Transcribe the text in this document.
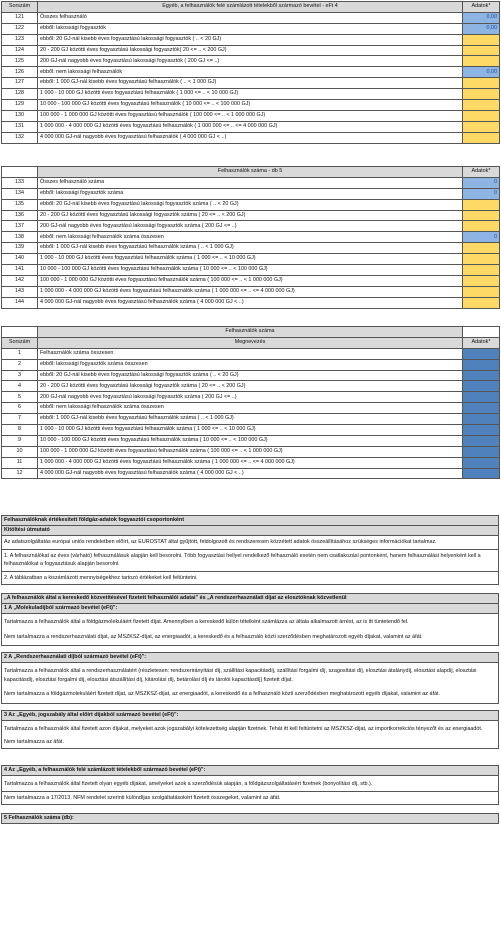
Sorszám	Egyéb, a felhasználók felé számlázott tételekből származó bevétel - eFt 4	Adatok*
121	Összes felhasználó	0,00
122	ebből: lakossági fogyasztók	0,00
123	ebből: 20 GJ-nál kisebb éves fogyasztású lakossági fogyasztók ( .. < 20 GJ)	
124	20 - 200 GJ közötti éves fogyasztású lakossági fogyasztók( 20 <= .. < 200 GJ)	
125	200 GJ-nál nagyobb éves fogyasztású lakossági fogyasztók ( 200 GJ <= ..)	
126	ebből: nem lakossági felhasználók	0,00
127	ebből: 1 000 GJ-nál kisebb éves fogyasztású felhasználók ( .. < 1 000 GJ)	
128	1 000 - 10 000 GJ közötti éves fogyasztású felhasználók ( 1 000 <= .. < 10 000 GJ)	
129	10 000 - 100 000 GJ közötti éves fogyasztású felhasználók ( 10 000 <= .. < 100 000 GJ)	
130	100 000 - 1 000 000 GJ közötti éves fogyasztású felhasználók ( 100 000 <= .. < 1 000 000 GJ)	
131	1 000 000 - 4 000 000 GJ közötti éves fogyasztású felhasználók ( 1 000 000 <= .. <= 4 000 000 GJ)	
132	4 000 000 GJ-nál nagyobb éves fogyasztású felhasználók ( 4 000 000 GJ < ..)	
	Felhasználók száma - db 5	Adatok*
133	Összes felhasználó száma	0
134	ebből: lakossági fogyasztók száma	0
135	ebből: 20 GJ-nál kisebb éves fogyasztású lakossági fogyasztók száma ( .. < 20 GJ)	
136	20 - 200 GJ közötti éves fogyasztású lakossági fogyasztók száma ( 20 <= .. < 200 GJ)	
137	200 GJ-nál nagyobb éves fogyasztású lakossági fogyasztók száma ( 200 GJ <= ..)	
138	ebből: nem lakossági felhasználók száma összesen	0
139	ebből: 1 000 GJ-nál kisebb éves fogyasztású felhasználók száma ( .. < 1 000 GJ)	
140	1 000 - 10 000 GJ közötti éves fogyasztású felhasználók száma ( 1 000 <= .. < 10 000 GJ)	
141	10 000 - 100 000 GJ közötti éves fogyasztású felhasználók száma ( 10 000 <= .. < 100 000 GJ)	
142	100 000 - 1 000 000 GJ közötti éves fogyasztású felhasználók száma ( 100 000 <= .. < 1 000 000 GJ)	
143	1 000 000 - 4 000 000 GJ közötti éves fogyasztású felhasználók száma ( 1 000 000 <= .. <= 4 000 000 GJ)	
144	4 000 000 GJ-nál nagyobb éves fogyasztású felhasználók száma ( 4 000 000 GJ < ..)	
	Felhasználók száma	
Sorszám	Megnevezés	Adatok*
1	Felhasználók száma összesen	
2	ebből: lakossági fogyasztók száma összesen	
3	ebből: 20 GJ-nál kisebb éves fogyasztású lakossági fogyasztók száma ( .. < 20 GJ)	
4	20 - 200 GJ közötti éves fogyasztású lakossági fogyasztók száma ( 20 <= .. < 200 GJ)	
5	200 GJ-nál nagyobb éves fogyasztású lakossági fogyasztók száma ( 200 GJ <= ..)	
6	ebből: nem lakossági felhasználók száma összesen	
7	ebből: 1 000 GJ-nál kisebb éves fogyasztású felhasználók száma ( .. < 1 000 GJ)	
8	1 000 - 10 000 GJ közötti éves fogyasztású felhasználók száma ( 1 000 <= .. < 10 000 GJ)	
9	10 000 - 100 000 GJ közötti éves fogyasztású felhasználók száma ( 10 000 <= .. < 100 000 GJ)	
10	100 000 - 1 000 000 GJ közötti éves fogyasztású felhasználók száma ( 100 000 <= .. < 1 000 000 GJ)	
11	1 000 000 - 4 000 000 GJ közötti éves fogyasztású felhasználók száma ( 1 000 000 <= .. <= 4 000 000 GJ)	
12	4 000 000 GJ-nál nagyobb éves fogyasztású felhasználók száma ( 4 000 000 GJ < ..)	
Felhasználóknak értékesített földgáz-adatok fogyasztói csoportonként
Kitöltési útmutató
Az adatszolgáltatás európai uniós rendeletben előírt, az EUROSTAT által gyűjtött, feldolgozott és rendszeresen közzétett adatok összeállításához szükséges információkat tartalmaz.
1. A felhasználókat az éves (várható) felhasználásuk alapján kell besorolni. Több fogyasztási hellyel rendelkező felhasználó esetén nem csatlakozási pontonként, hanem felhasználási helyenként kell a felhasználókat a fogyasztásuk alapján besorolni.
2. A táblázatban a kiszámlázott mennyiségekhez tartozó értékeket kell feltüntetni.
„A felhasználók által a kereskedő közvetítésével fizetett felhasználói adatai" és „A rendszerhasználati díjat az elosztóknak közvetlenül
1 A „Molekuladíjból származó bevétel (eFt)":
Tartalmazza a felhasználók által a földgázmolekuláért fizetett díjat. Amennyiben a kereskedő külön tételként számlázza az általa alkalmazott árrést, az is itt tüntetendő fel.
Nem tartalmazza a rendszerhasználati díjat, az MSZKSZ-díjat, az energiaadót, a kereskedő és a felhasználó közti szerződésben meghatározott egyéb díjakat, valamint az áfát.
2 A „Rendszerhasználati díjból származó bevétel (eFt)":
Tartalmazza a felhasználók által a rendszerhasználatért (részletesen: rendszerirányítási díj, szállítási kapacitásdíj, szállítási forgalmi díj, szagosítási díj, elosztási átalánydíj, elosztási alapdíj, elosztási kapacitásdíj, elosztási forgalmi díj, elosztási átszállítási díj, kitárolási díj, betárolási díj és tárolói kapacitásdíj) fizetett díjat.
Nem tartalmazza a földgázmolekuláért fizetett díjat, az MSZKSZ-díjat, az energiaadót, a kereskedő és a felhasználó közti szerződésben meghatározott egyéb díjakat, valamint az áfát.
3 Az „Egyéb, jogszabály által előírt díjakból származó bevétel (eFt)":
Tartalmazza a felhasználók által fizetett azon díjakat, melyeket azok jogszabályi kötelezettség alapján fizetnek. Tehát itt kell feltüntetni az MSZKSZ-díjat, az importkorrekciós tényezőt és az energiaadót.
Nem tartalmazza az áfát.
4 Az „Egyéb, a felhasználók felé számlázott tételekből származó bevétel (eFt)":
Tartalmazza a felhasználók által fizetett olyan egyéb díjakat, amelyeket azok a szerződésük alapján, a földgázszolgáltatásért fizetnek (bonyolítási díj, stb.).
Nem tartalmazza a 17/2013. NFM rendelet szerinti különdíjas szolgáltatásokért fizetett összegeket, valamint az áfát.
5 Felhasználók száma (db):
